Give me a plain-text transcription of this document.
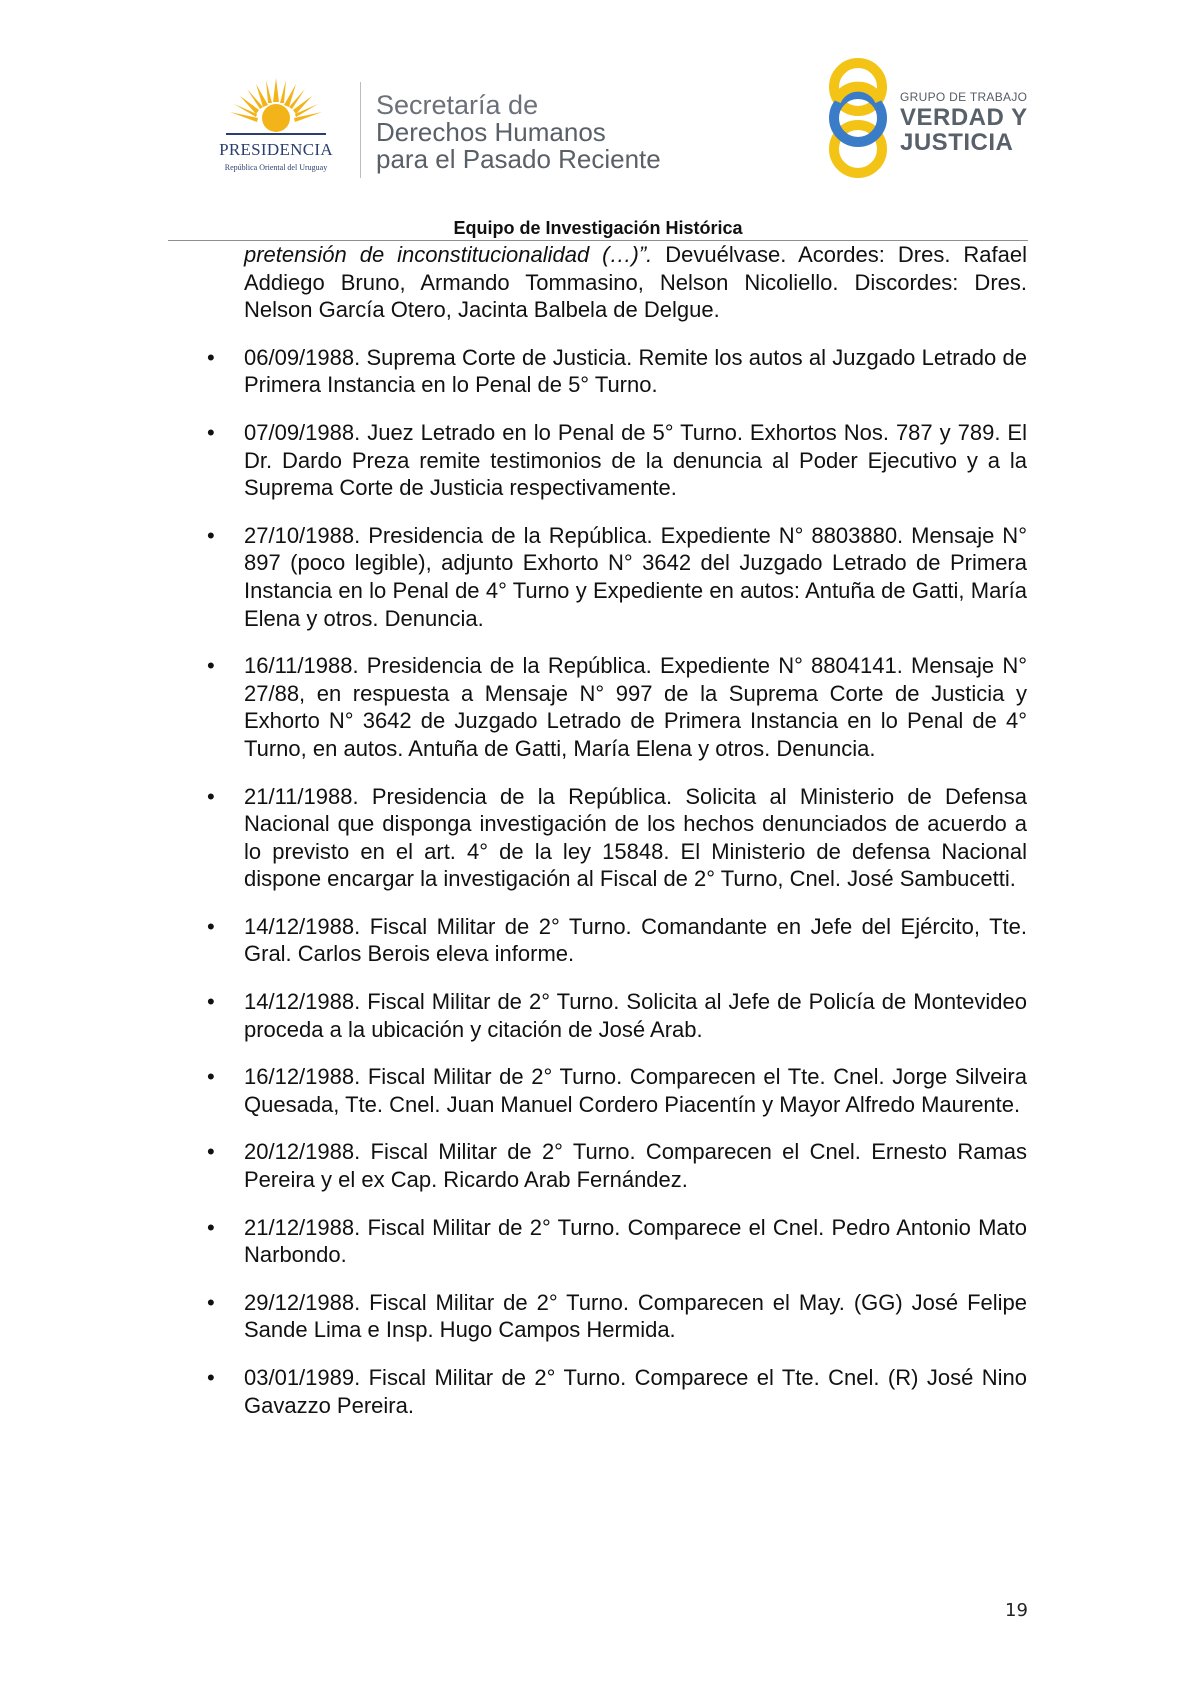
PRESIDENCIA
República Oriental del Uruguay
Secretaría de
Derechos Humanos
para el Pasado Reciente
GRUPO DE TRABAJO
VERDAD Y
JUSTICIA
Equipo de Investigación Histórica

pretensión de inconstitucionalidad (…)”. Devuélvase. Acordes: Dres. Rafael Addiego Bruno, Armando Tommasino, Nelson Nicoliello. Discordes: Dres. Nelson García Otero, Jacinta Balbela de Delgue.

• 06/09/1988. Suprema Corte de Justicia. Remite los autos al Juzgado Letrado de Primera Instancia en lo Penal de 5° Turno.
• 07/09/1988. Juez Letrado en lo Penal de 5° Turno. Exhortos Nos. 787 y 789. El Dr. Dardo Preza remite testimonios de la denuncia al Poder Ejecutivo y a la Suprema Corte de Justicia respectivamente.
• 27/10/1988. Presidencia de la República. Expediente N° 8803880. Mensaje N° 897 (poco legible), adjunto Exhorto N° 3642 del Juzgado Letrado de Primera Instancia en lo Penal de 4° Turno y Expediente en autos: Antuña de Gatti, María Elena y otros. Denuncia.
• 16/11/1988. Presidencia de la República. Expediente N° 8804141. Mensaje N° 27/88, en respuesta a Mensaje N° 997 de la Suprema Corte de Justicia y Exhorto N° 3642 de Juzgado Letrado de Primera Instancia en lo Penal de 4° Turno, en autos. Antuña de Gatti, María Elena y otros. Denuncia.
• 21/11/1988. Presidencia de la República. Solicita al Ministerio de Defensa Nacional que disponga investigación de los hechos denunciados de acuerdo a lo previsto en el art. 4° de la ley 15848. El Ministerio de defensa Nacional dispone encargar la investigación al Fiscal de 2° Turno, Cnel. José Sambucetti.
• 14/12/1988. Fiscal Militar de 2° Turno. Comandante en Jefe del Ejército, Tte. Gral. Carlos Berois eleva informe.
• 14/12/1988. Fiscal Militar de 2° Turno. Solicita al Jefe de Policía de Montevideo proceda a la ubicación y citación de José Arab.
• 16/12/1988. Fiscal Militar de 2° Turno. Comparecen el Tte. Cnel. Jorge Silveira Quesada, Tte. Cnel. Juan Manuel Cordero Piacentín y Mayor Alfredo Maurente.
• 20/12/1988. Fiscal Militar de 2° Turno. Comparecen el Cnel. Ernesto Ramas Pereira y el ex Cap. Ricardo Arab Fernández.
• 21/12/1988. Fiscal Militar de 2° Turno. Comparece el Cnel. Pedro Antonio Mato Narbondo.
• 29/12/1988. Fiscal Militar de 2° Turno. Comparecen el May. (GG) José Felipe Sande Lima e Insp. Hugo Campos Hermida.
• 03/01/1989. Fiscal Militar de 2° Turno. Comparece el Tte. Cnel. (R) José Nino Gavazzo Pereira.
19
